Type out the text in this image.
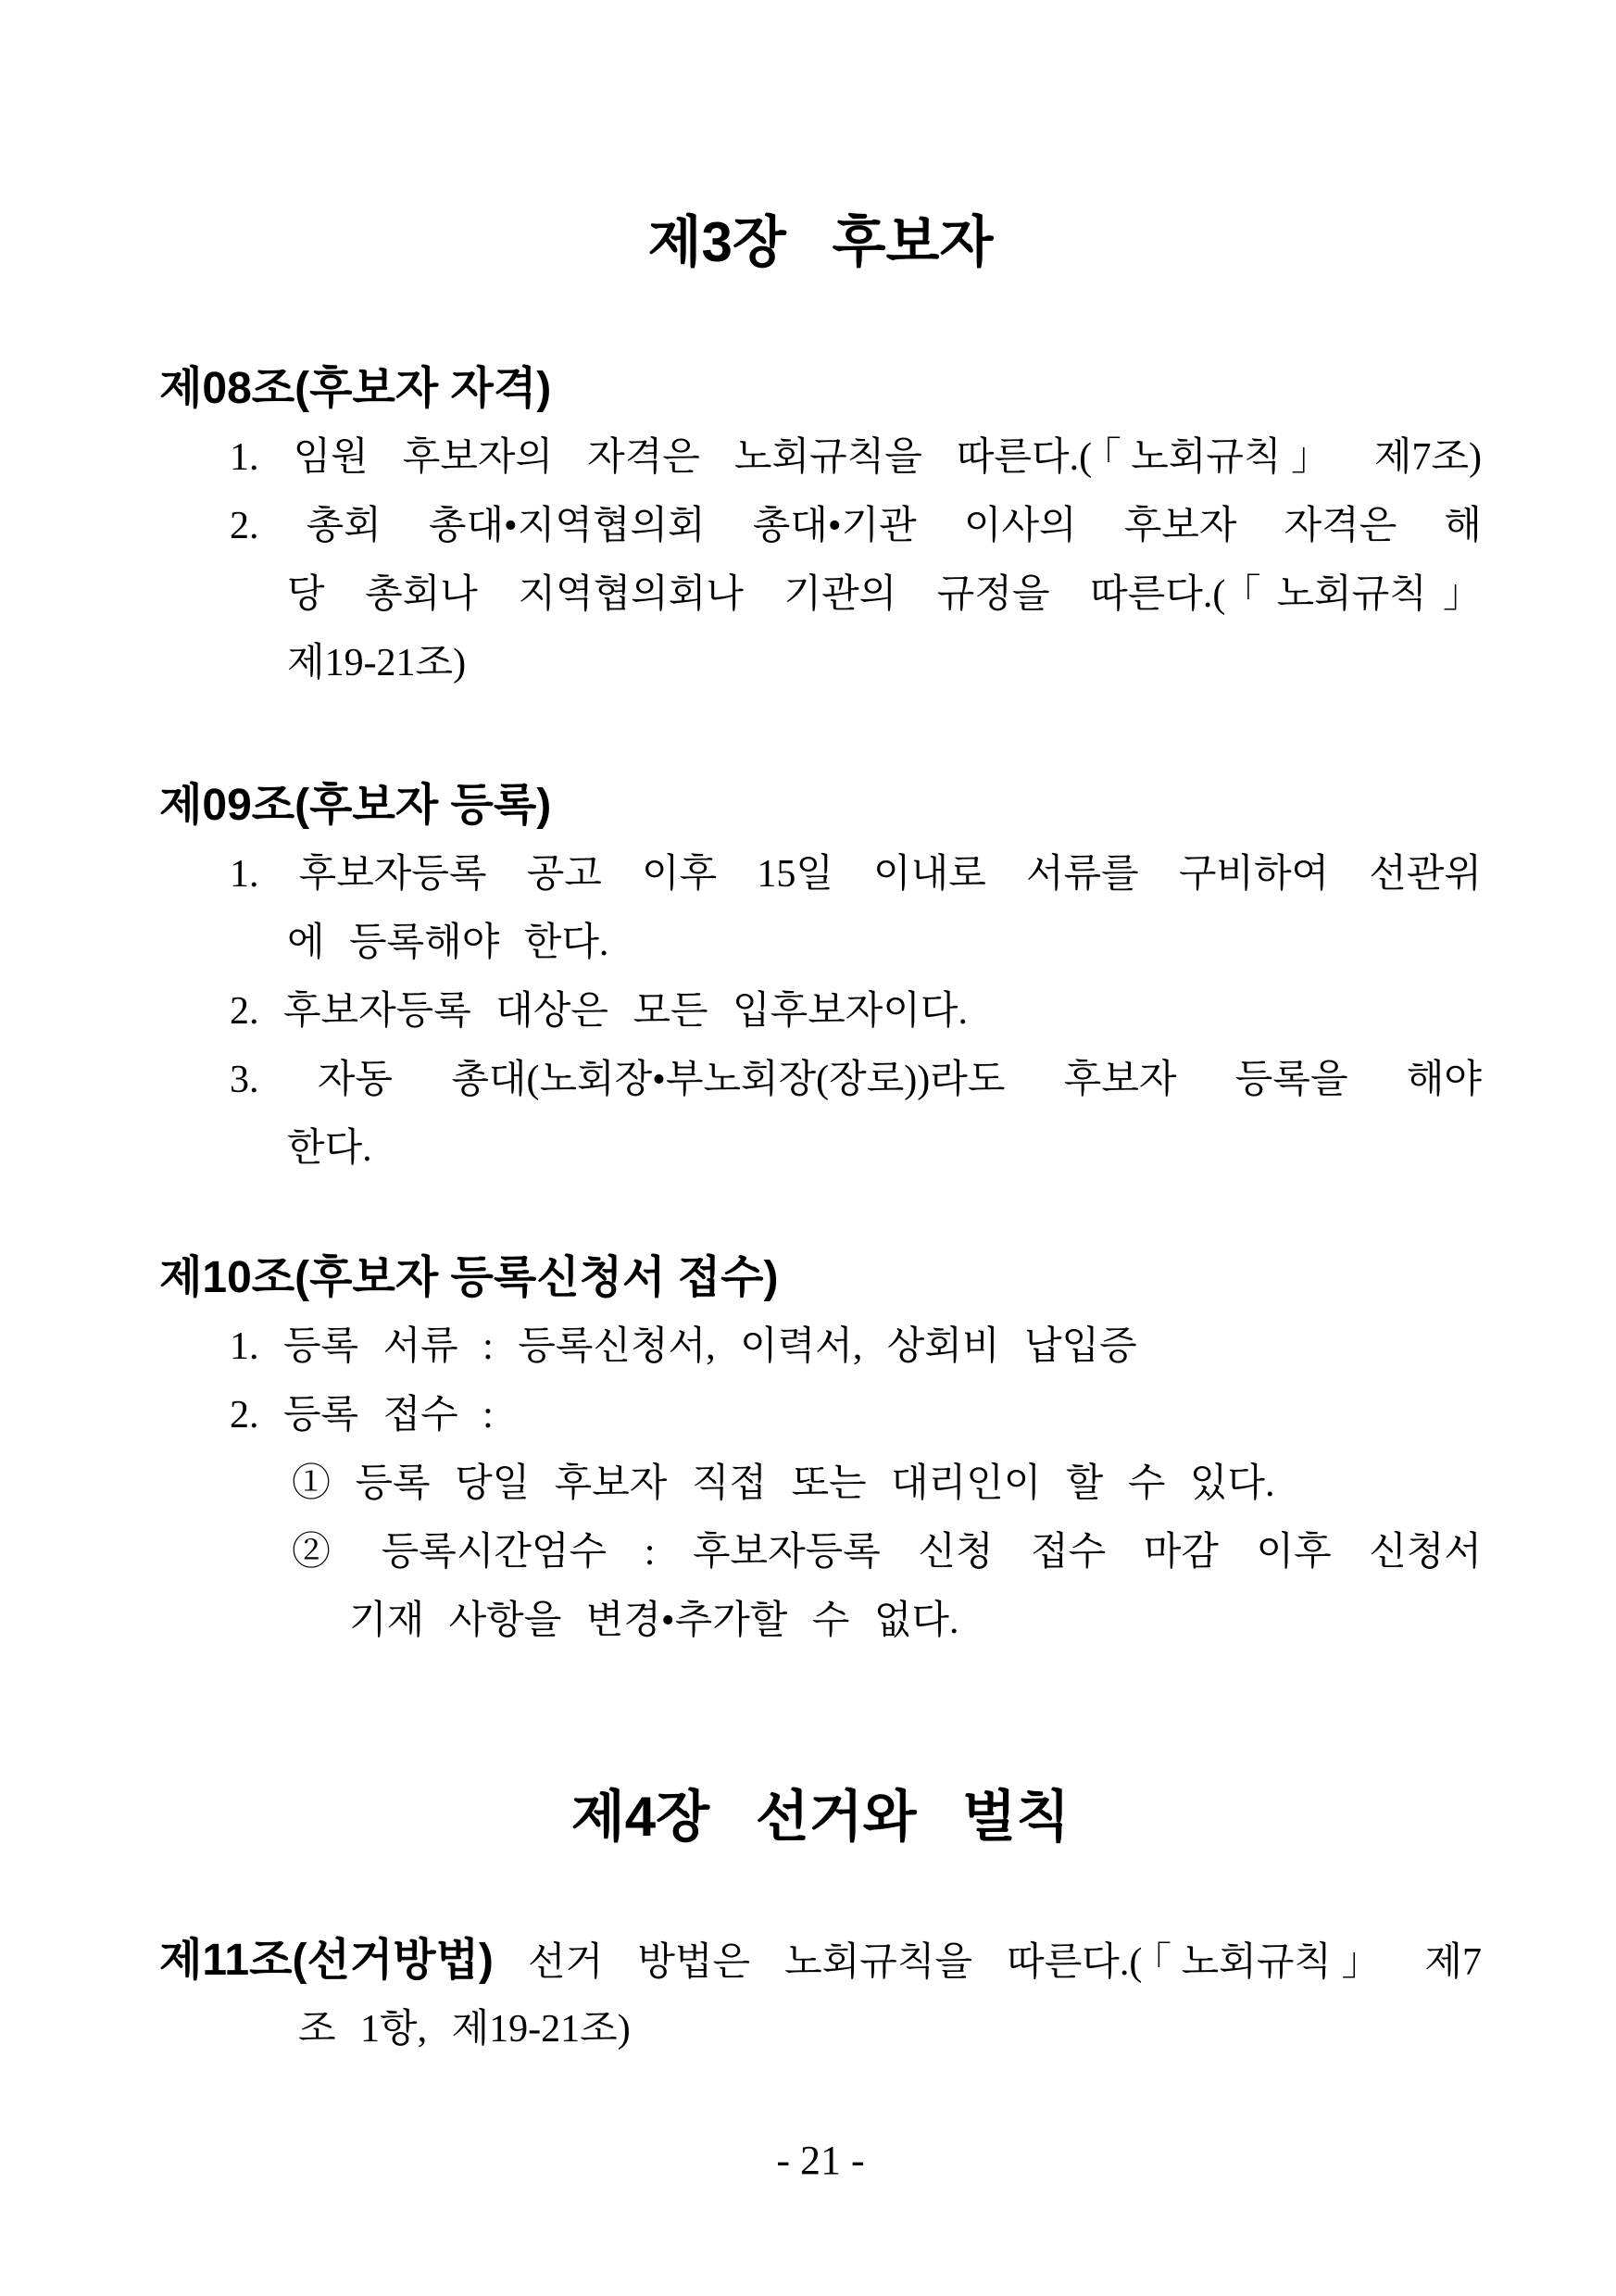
제3장 후보자
제08조(후보자 자격)
1. 임원 후보자의 자격은 노회규칙을 따른다.(「노회규칙」 제7조)
2. 총회 총대•지역협의회 총대•기관 이사의 후보자 자격은 해
당 총회나 지역협의회나 기관의 규정을 따른다.(「노회규칙」
제19-21조)
제09조(후보자 등록)
1. 후보자등록 공고 이후 15일 이내로 서류를 구비하여 선관위
에 등록해야 한다.
2. 후보자등록 대상은 모든 입후보자이다.
3. 자동 총대(노회장•부노회장(장로))라도 후보자 등록을 해야
한다.
제10조(후보자 등록신청서 접수)
1. 등록 서류 : 등록신청서, 이력서, 상회비 납입증
2. 등록 접수 :
① 등록 당일 후보자 직접 또는 대리인이 할 수 있다.
② 등록시간엄수 : 후보자등록 신청 접수 마감 이후 신청서
기재 사항을 변경•추가할 수 없다.
제4장 선거와 벌칙
제11조(선거방법) 선거 방법은 노회규칙을 따른다.(「노회규칙」 제7
조 1항, 제19-21조)
- 21 -
